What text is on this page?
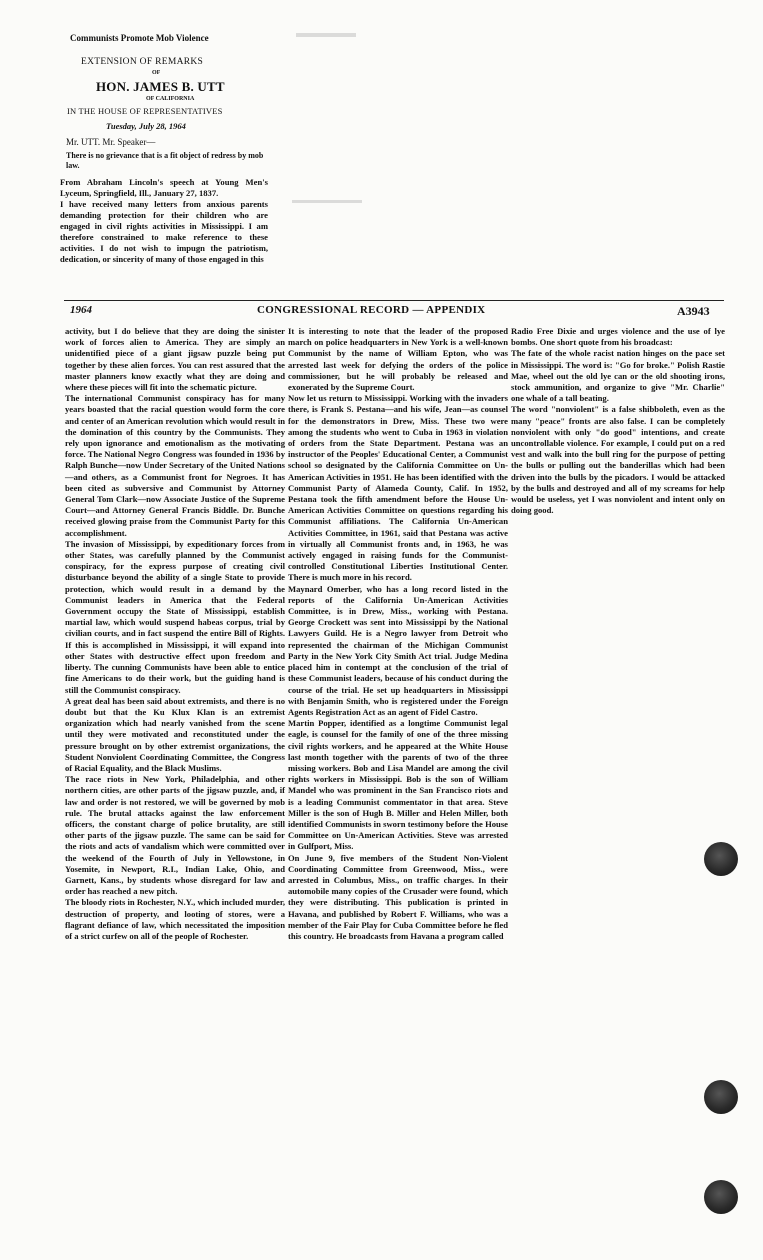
Communists Promote Mob Violence
EXTENSION OF REMARKS
OF
HON. JAMES B. UTT
OF CALIFORNIA
IN THE HOUSE OF REPRESENTATIVES
Tuesday, July 28, 1964
Mr. UTT. Mr. Speaker—
There is no grievance that is a fit object of redress by mob law.
From Abraham Lincoln's speech at Young Men's Lyceum, Springfield, Ill., January 27, 1837.
I have received many letters from anxious parents demanding protection for their children who are engaged in civil rights activities in Mississippi. I am therefore constrained to make reference to these activities. I do not wish to impugn the patriotism, dedication, or sincerity of many of those engaged in this
1964	CONGRESSIONAL RECORD — APPENDIX	A3943
activity, but I do believe that they are doing the sinister work of forces alien to America. They are simply an unidentified piece of a giant jigsaw puzzle being put together by these alien forces. You can rest assured that the master planners know exactly what they are doing and where these pieces will fit into the schematic picture.
The international Communist conspiracy has for many years boasted that the racial question would form the core and center of an American revolution which would result in the domination of this country by the Communists. They rely upon ignorance and emotionalism as the motivating force. The National Negro Congress was founded in 1936 by Ralph Bunche—now Under Secretary of the United Nations—and others, as a Communist front for Negroes. It has been cited as subversive and Communist by Attorney General Tom Clark—now Associate Justice of the Supreme Court—and Attorney General Francis Biddle. Dr. Bunche received glowing praise from the Communist Party for this accomplishment.
The invasion of Mississippi, by expeditionary forces from other States, was carefully planned by the Communist conspiracy, for the express purpose of creating civil disturbance beyond the ability of a single State to provide protection, which would result in a demand by the Communist leaders in America that the Federal Government occupy the State of Mississippi, establish martial law, which would suspend habeas corpus, trial by civilian courts, and in fact suspend the entire Bill of Rights. If this is accomplished in Mississippi, it will expand into other States with destructive effect upon freedom and liberty. The cunning Communists have been able to entice fine Americans to do their work, but the guiding hand is still the Communist conspiracy.
A great deal has been said about extremists, and there is no doubt but that the Ku Klux Klan is an extremist organization which had nearly vanished from the scene until they were motivated and reconstituted under the pressure brought on by other extremist organizations, the Student Nonviolent Coordinating Committee, the Congress of Racial Equality, and the Black Muslims.
The race riots in New York, Philadelphia, and other northern cities, are other parts of the jigsaw puzzle, and, if law and order is not restored, we will be governed by mob rule. The brutal attacks against the law enforcement officers, the constant charge of police brutality, are still other parts of the jigsaw puzzle. The same can be said for the riots and acts of vandalism which were committed over the weekend of the Fourth of July in Yellowstone, in Yosemite, in Newport, R.I., Indian Lake, Ohio, and Garnett, Kans., by students whose disregard for law and order has reached a new pitch.
The bloody riots in Rochester, N.Y., which included murder, destruction of property, and looting of stores, were a flagrant defiance of law, which necessitated the imposition of a strict curfew on all of the people of Rochester.
It is interesting to note that the leader of the proposed march on police headquarters in New York is a well-known Communist by the name of William Epton, who was arrested last week for defying the orders of the police commissioner, but he will probably be released and exonerated by the Supreme Court.
Now let us return to Mississippi. Working with the invaders there, is Frank S. Pestana—and his wife, Jean—as counsel for the demonstrators in Drew, Miss. These two were among the students who went to Cuba in 1963 in violation of orders from the State Department. Pestana was an instructor of the Peoples' Educational Center, a Communist school so designated by the California Committee on Un-American Activities in 1951. He has been identified with the Communist Party of Alameda County, Calif. In 1952, Pestana took the fifth amendment before the House Un-American Activities Committee on questions regarding his Communist affiliations. The California Un-American Activities Committee, in 1961, said that Pestana was active in virtually all Communist fronts and, in 1963, he was actively engaged in raising funds for the Communist-controlled Constitutional Liberties Institutional Center. There is much more in his record.
Maynard Omerber, who has a long record listed in the reports of the California Un-American Activities Committee, is in Drew, Miss., working with Pestana. George Crockett was sent into Mississippi by the National Lawyers Guild. He is a Negro lawyer from Detroit who represented the chairman of the Michigan Communist Party in the New York City Smith Act trial. Judge Medina placed him in contempt at the conclusion of the trial of these Communist leaders, because of his conduct during the course of the trial. He set up headquarters in Mississippi with Benjamin Smith, who is registered under the Foreign Agents Registration Act as an agent of Fidel Castro.
Martin Popper, identified as a longtime Communist legal eagle, is counsel for the family of one of the three missing civil rights workers, and he appeared at the White House last month together with the parents of two of the three missing workers. Bob and Lisa Mandel are among the civil rights workers in Mississippi. Bob is the son of William Mandel who was prominent in the San Francisco riots and is a leading Communist commentator in that area. Steve Miller is the son of Hugh B. Miller and Helen Miller, both identified Communists in sworn testimony before the House Committee on Un-American Activities. Steve was arrested in Gulfport, Miss.
On June 9, five members of the Student Non-Violent Coordinating Committee from Greenwood, Miss., were arrested in Columbus, Miss., on traffic charges. In their automobile many copies of the Crusader were found, which they were distributing. This publication is printed in Havana, and published by Robert F. Williams, who was a member of the Fair Play for Cuba Committee before he fled this country. He broadcasts from Havana a program called
Radio Free Dixie and urges violence and the use of lye bombs. One short quote from his broadcast:
The fate of the whole racist nation hinges on the pace set in Mississippi. The word is: "Go for broke." Polish Rastie Mae, wheel out the old lye can or the old shooting irons, stock ammunition, and organize to give "Mr. Charlie" one whale of a tall beating.
The word "nonviolent" is a false shibboleth, even as the many "peace" fronts are also false. I can be completely nonviolent with only "do good" intentions, and create uncontrollable violence. For example, I could put on a red vest and walk into the bull ring for the purpose of petting the bulls or pulling out the banderillas which had been driven into the bulls by the picadors. I would be attacked by the bulls and destroyed and all of my screams for help would be useless, yet I was nonviolent and intent only on doing good.
